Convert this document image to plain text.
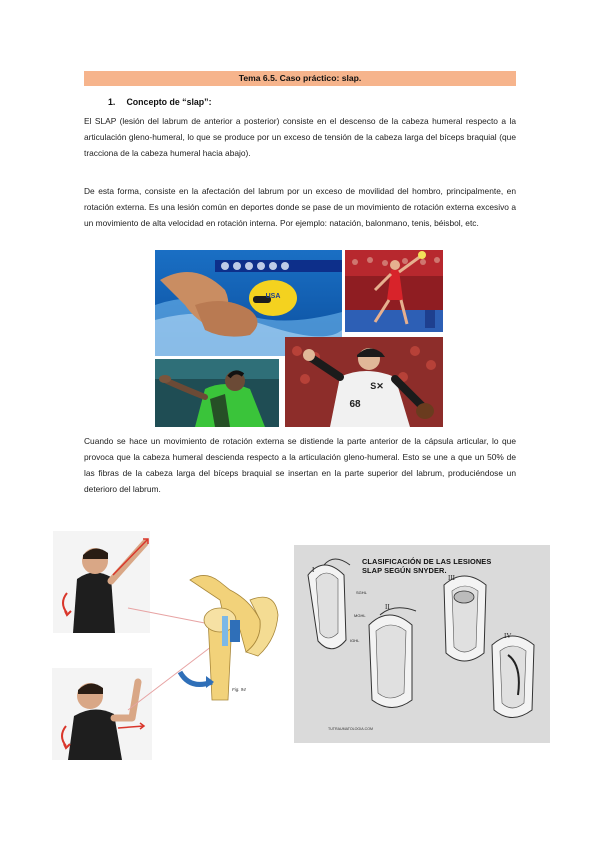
Tema 6.5. Caso práctico: slap.
1. Concepto de “slap”:
El SLAP (lesión del labrum de anterior a posterior) consiste en el descenso de la cabeza humeral respecto a la articulación gleno-humeral, lo que se produce por un exceso de tensión de la cabeza larga del bíceps braquial (que tracciona de la cabeza humeral hacia abajo).
De esta forma, consiste en la afectación del labrum por un exceso de movilidad del hombro, principalmente, en rotación externa. Es una lesión común en deportes donde se pase de un movimiento de rotación externa excesivo a un movimiento de alta velocidad en rotación interna. Por ejemplo: natación, balonmano, tenis, béisbol, etc.
USA
S✕
68
Cuando se hace un movimiento de rotación externa se distiende la parte anterior de la cápsula articular, lo que provoca que la cabeza humeral descienda respecto a la articulación gleno-humeral. Esto se une a que un 50% de las fibras de la cabeza larga del bíceps braquial se insertan en la parte superior del labrum, produciéndose un deterioro del labrum.
Fig. 94
CLASIFICACIÓN DE LAS LESIONES
SLAP SEGÚN SNYDER.
I
II
III
IV
SGHL
MGHL
IGHL
TUTRAUMATOLOGIA.COM
